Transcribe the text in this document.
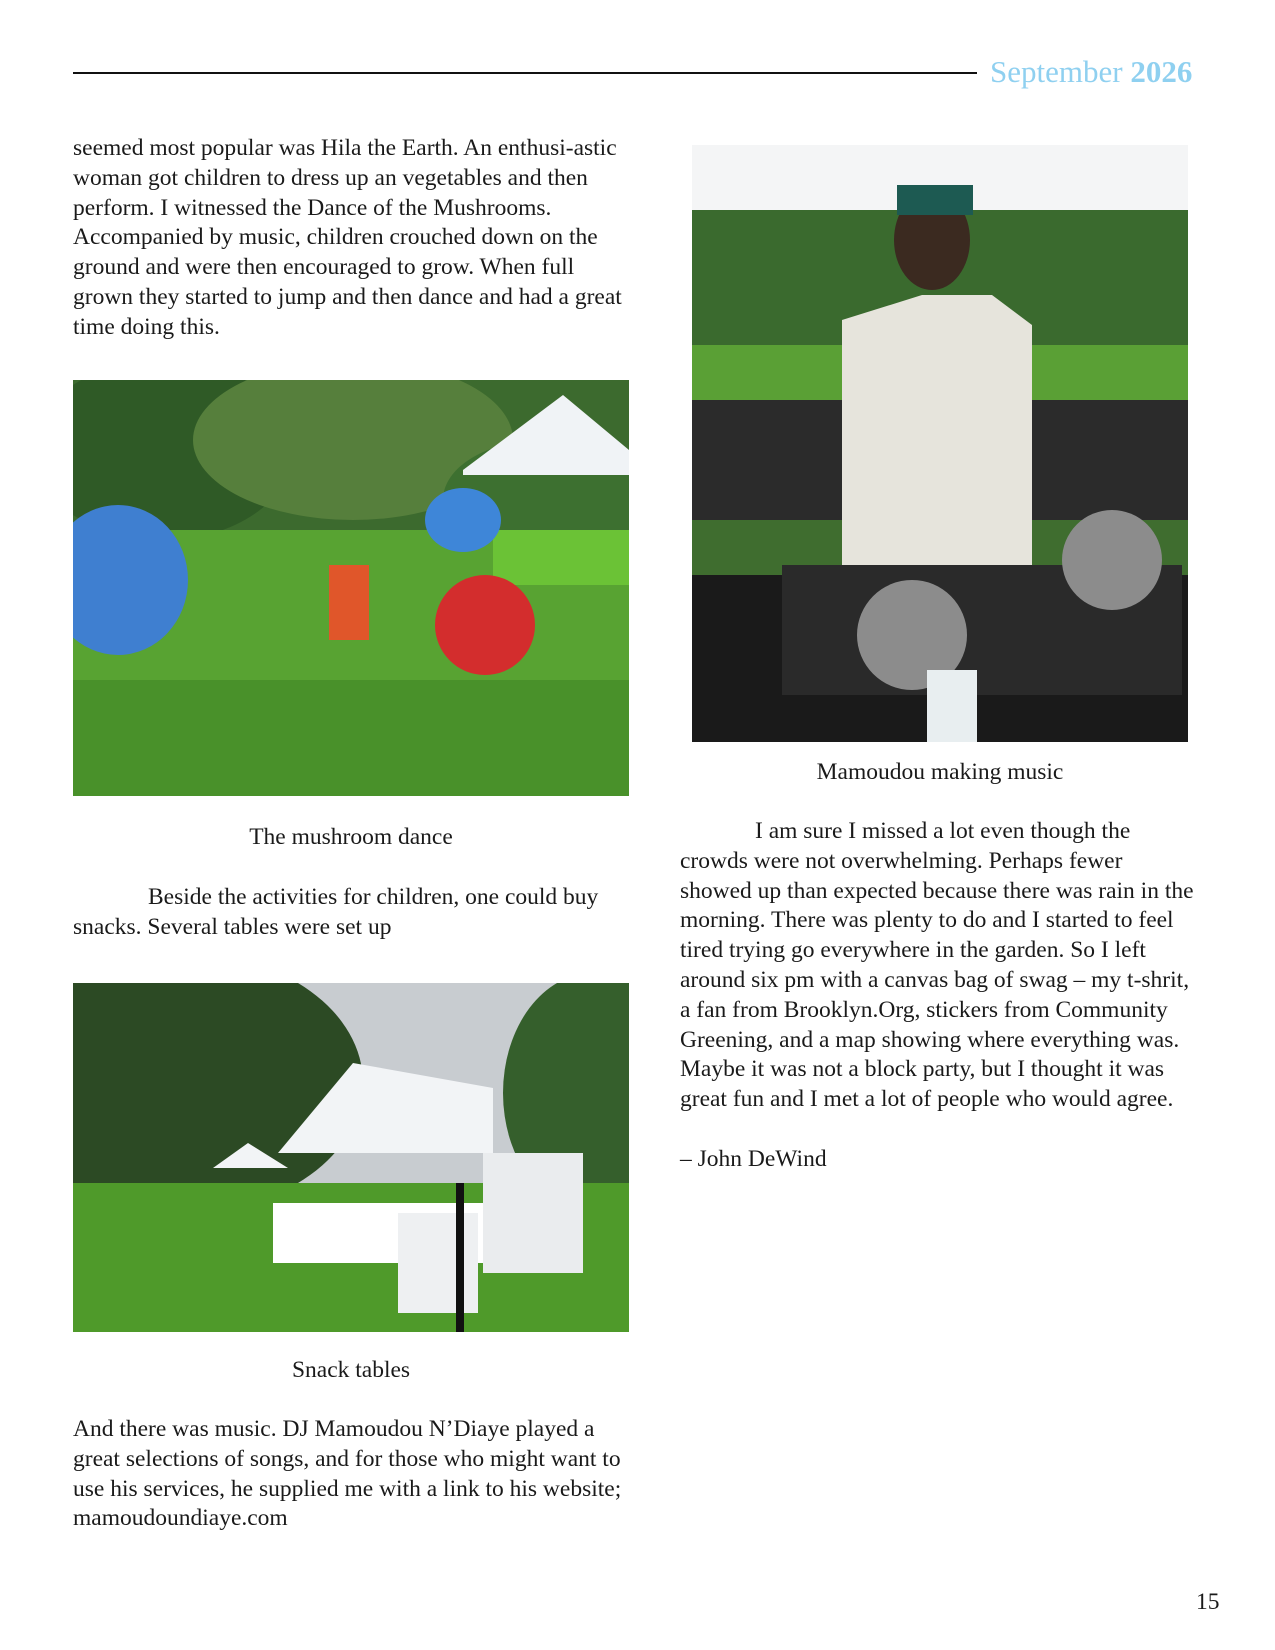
September 2026

seemed most popular was Hila the Earth. An enthusi-astic woman got children to dress up an vegetables and then perform. I witnessed the Dance of the Mushrooms. Accompanied by music, children crouched down on the ground and were then encouraged to grow. When full grown they started to jump and then dance and had a great time doing this.

The mushroom dance

Beside the activities for children, one could buy snacks. Several tables were set up

Snack tables

And there was music. DJ Mamoudou N’Diaye played a great selections of songs, and for those who might want to use his services, he supplied me with a link to his website; mamoudoundiaye.com

Mamoudou making music

I am sure I missed a lot even though the crowds were not overwhelming. Perhaps fewer showed up than expected because there was rain in the morning. There was plenty to do and I started to feel tired trying go everywhere in the garden. So I left around six pm with a canvas bag of swag – my t-shrit, a fan from Brooklyn.Org, stickers from Community Greening, and a map showing where everything was. Maybe it was not a block party, but I thought it was great fun and I met a lot of people who would agree.

– John DeWind

15
